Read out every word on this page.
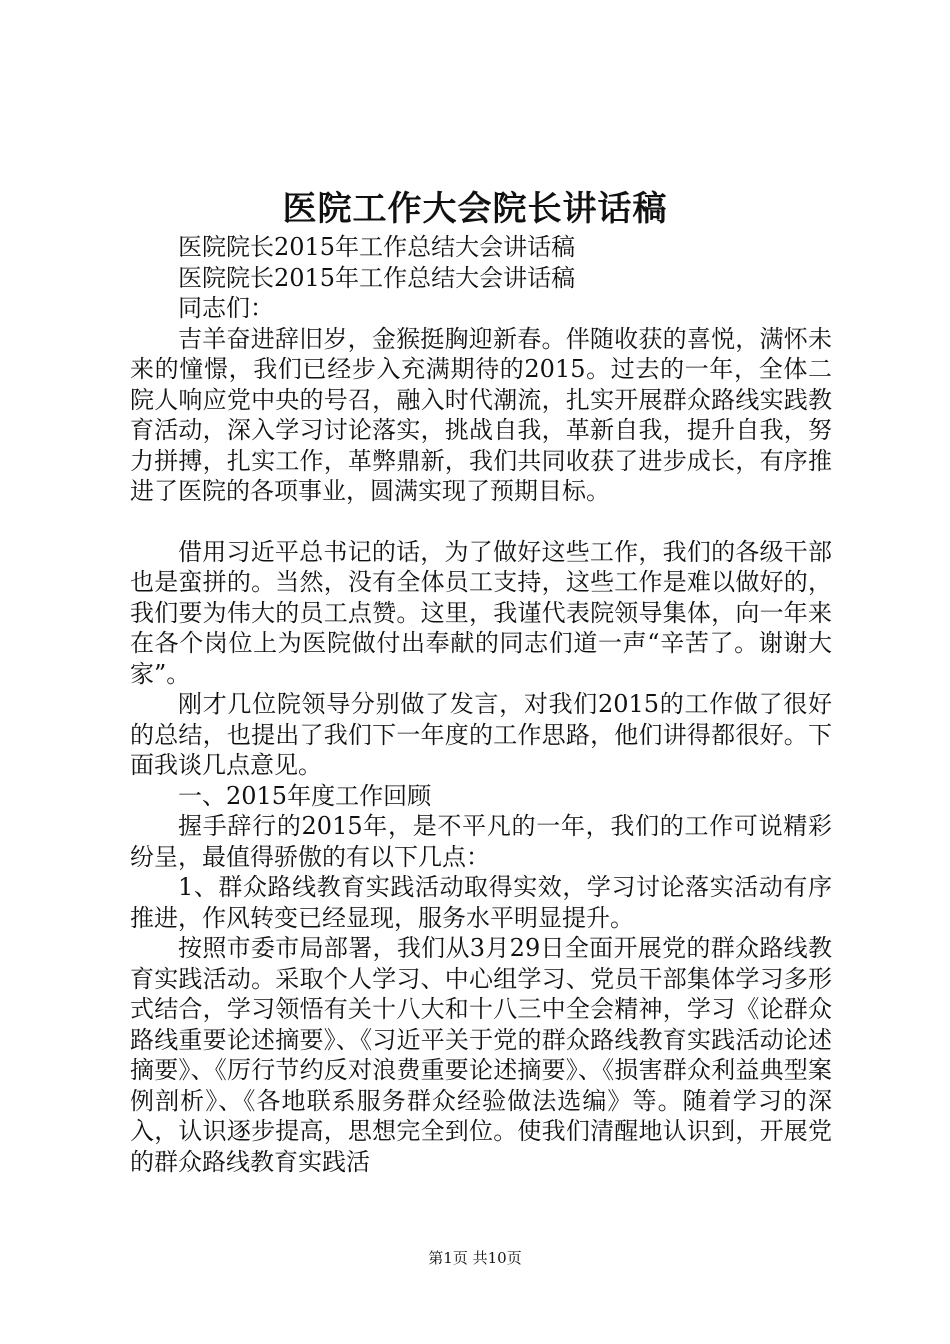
医院工作大会院长讲话稿

医院院长2015年工作总结大会讲话稿

医院院长2015年工作总结大会讲话稿

同志们：

吉羊奋进辞旧岁，金猴挺胸迎新春。伴随收获的喜悦，满怀未来的憧憬，我们已经步入充满期待的2015。过去的一年，全体二院人响应党中央的号召，融入时代潮流，扎实开展群众路线实践教育活动，深入学习讨论落实，挑战自我，革新自我，提升自我，努力拼搏，扎实工作，革弊鼎新，我们共同收获了进步成长，有序推进了医院的各项事业，圆满实现了预期目标。

借用习近平总书记的话，为了做好这些工作，我们的各级干部也是蛮拼的。当然，没有全体员工支持，这些工作是难以做好的，我们要为伟大的员工点赞。这里，我谨代表院领导集体，向一年来在各个岗位上为医院做付出奉献的同志们道一声“辛苦了。谢谢大家”。

刚才几位院领导分别做了发言，对我们2015的工作做了很好的总结，也提出了我们下一年度的工作思路，他们讲得都很好。下面我谈几点意见。

一、2015年度工作回顾

握手辞行的2015年，是不平凡的一年，我们的工作可说精彩纷呈，最值得骄傲的有以下几点：

1、群众路线教育实践活动取得实效，学习讨论落实活动有序推进，作风转变已经显现，服务水平明显提升。

按照市委市局部署，我们从3月29日全面开展党的群众路线教育实践活动。采取个人学习、中心组学习、党员干部集体学习多形式结合，学习领悟有关十八大和十八三中全会精神，学习《论群众路线重要论述摘要》、《习近平关于党的群众路线教育实践活动论述摘要》、《厉行节约反对浪费重要论述摘要》、《损害群众利益典型案例剖析》、《各地联系服务群众经验做法选编》等。随着学习的深入，认识逐步提高，思想完全到位。使我们清醒地认识到，开展党的群众路线教育实践活

第1页 共10页
